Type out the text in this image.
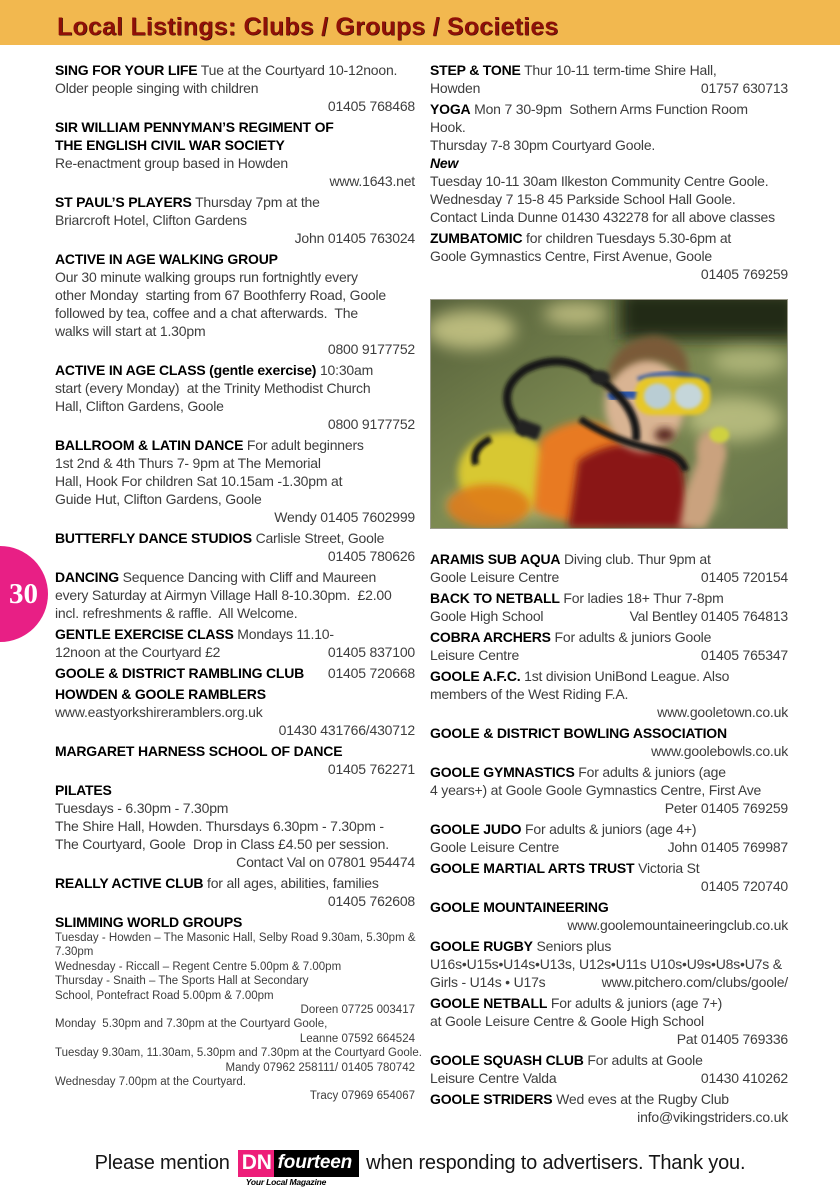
Local Listings: Clubs / Groups / Societies
SING FOR YOUR LIFE Tue at the Courtyard 10-12noon.
Older people singing with children
01405 768468
SIR WILLIAM PENNYMAN’S REGIMENT OF
THE ENGLISH CIVIL WAR SOCIETY
Re-enactment group based in Howden
www.1643.net
ST PAUL’S PLAYERS Thursday 7pm at the
Briarcroft Hotel, Clifton Gardens
John 01405 763024
ACTIVE IN AGE WALKING GROUP
Our 30 minute walking groups run fortnightly every
other Monday  starting from 67 Boothferry Road, Goole
followed by tea, coffee and a chat afterwards.  The
walks will start at 1.30pm
0800 9177752
ACTIVE IN AGE CLASS (gentle exercise) 10:30am
start (every Monday)  at the Trinity Methodist Church
Hall, Clifton Gardens, Goole
0800 9177752
BALLROOM & LATIN DANCE For adult beginners
1st 2nd & 4th Thurs 7- 9pm at The Memorial
Hall, Hook For children Sat 10.15am -1.30pm at
Guide Hut, Clifton Gardens, Goole
Wendy 01405 7602999
BUTTERFLY DANCE STUDIOS Carlisle Street, Goole
01405 780626
DANCING Sequence Dancing with Cliff and Maureen
every Saturday at Airmyn Village Hall 8-10.30pm.  £2.00
incl. refreshments & raffle.  All Welcome.
GENTLE EXERCISE CLASS Mondays 11.10-
12noon at the Courtyard £2	01405 837100
GOOLE & DISTRICT RAMBLING CLUB	01405 720668
HOWDEN & GOOLE RAMBLERS
www.eastyorkshireramblers.org.uk
01430 431766/430712
MARGARET HARNESS SCHOOL OF DANCE
01405 762271
PILATES
Tuesdays - 6.30pm - 7.30pm
The Shire Hall, Howden. Thursdays 6.30pm - 7.30pm -
The Courtyard, Goole  Drop in Class £4.50 per session.
Contact Val on 07801 954474
REALLY ACTIVE CLUB for all ages, abilities, families
01405 762608
SLIMMING WORLD GROUPS
Tuesday - Howden – The Masonic Hall, Selby Road 9.30am, 5.30pm &
7.30pm
Wednesday - Riccall – Regent Centre 5.00pm & 7.00pm
Thursday - Snaith – The Sports Hall at Secondary
School, Pontefract Road 5.00pm & 7.00pm
Doreen 07725 003417
Monday  5.30pm and 7.30pm at the Courtyard Goole,
Leanne 07592 664524
Tuesday 9.30am, 11.30am, 5.30pm and 7.30pm at the Courtyard Goole.
Mandy 07962 258111/ 01405 780742
Wednesday 7.00pm at the Courtyard.
Tracy 07969 654067
STEP & TONE Thur 10-11 term-time Shire Hall,
Howden	01757 630713
YOGA Mon 7 30-9pm  Sothern Arms Function Room
Hook.
Thursday 7-8 30pm Courtyard Goole.
New
Tuesday 10-11 30am Ilkeston Community Centre Goole.
Wednesday 7 15-8 45 Parkside School Hall Goole.
Contact Linda Dunne 01430 432278 for all above classes
ZUMBATOMIC for children Tuesdays 5.30-6pm at
Goole Gymnastics Centre, First Avenue, Goole
01405 769259
ARAMIS SUB AQUA Diving club. Thur 9pm at
Goole Leisure Centre	01405 720154
BACK TO NETBALL For ladies 18+ Thur 7-8pm
Goole High School	Val Bentley 01405 764813
COBRA ARCHERS For adults & juniors Goole
Leisure Centre	01405 765347
GOOLE A.F.C. 1st division UniBond League. Also
members of the West Riding F.A.
www.gooletown.co.uk
GOOLE & DISTRICT BOWLING ASSOCIATION
www.goolebowls.co.uk
GOOLE GYMNASTICS For adults & juniors (age
4 years+) at Goole Goole Gymnastics Centre, First Ave
Peter 01405 769259
GOOLE JUDO For adults & juniors (age 4+)
Goole Leisure Centre	John 01405 769987
GOOLE MARTIAL ARTS TRUST Victoria St
01405 720740
GOOLE MOUNTAINEERING
www.goolemountaineeringclub.co.uk
GOOLE RUGBY Seniors plus
U16s•U15s•U14s•U13s, U12s•U11s U10s•U9s•U8s•U7s &
Girls - U14s • U17s	www.pitchero.com/clubs/goole/
GOOLE NETBALL For adults & juniors (age 7+)
at Goole Leisure Centre & Goole High School
Pat 01405 769336
GOOLE SQUASH CLUB For adults at Goole
Leisure Centre Valda	01430 410262
GOOLE STRIDERS Wed eves at the Rugby Club
info@vikingstriders.co.uk
30
Please mention DN fourteen
Your Local Magazine
when responding to advertisers. Thank you.
